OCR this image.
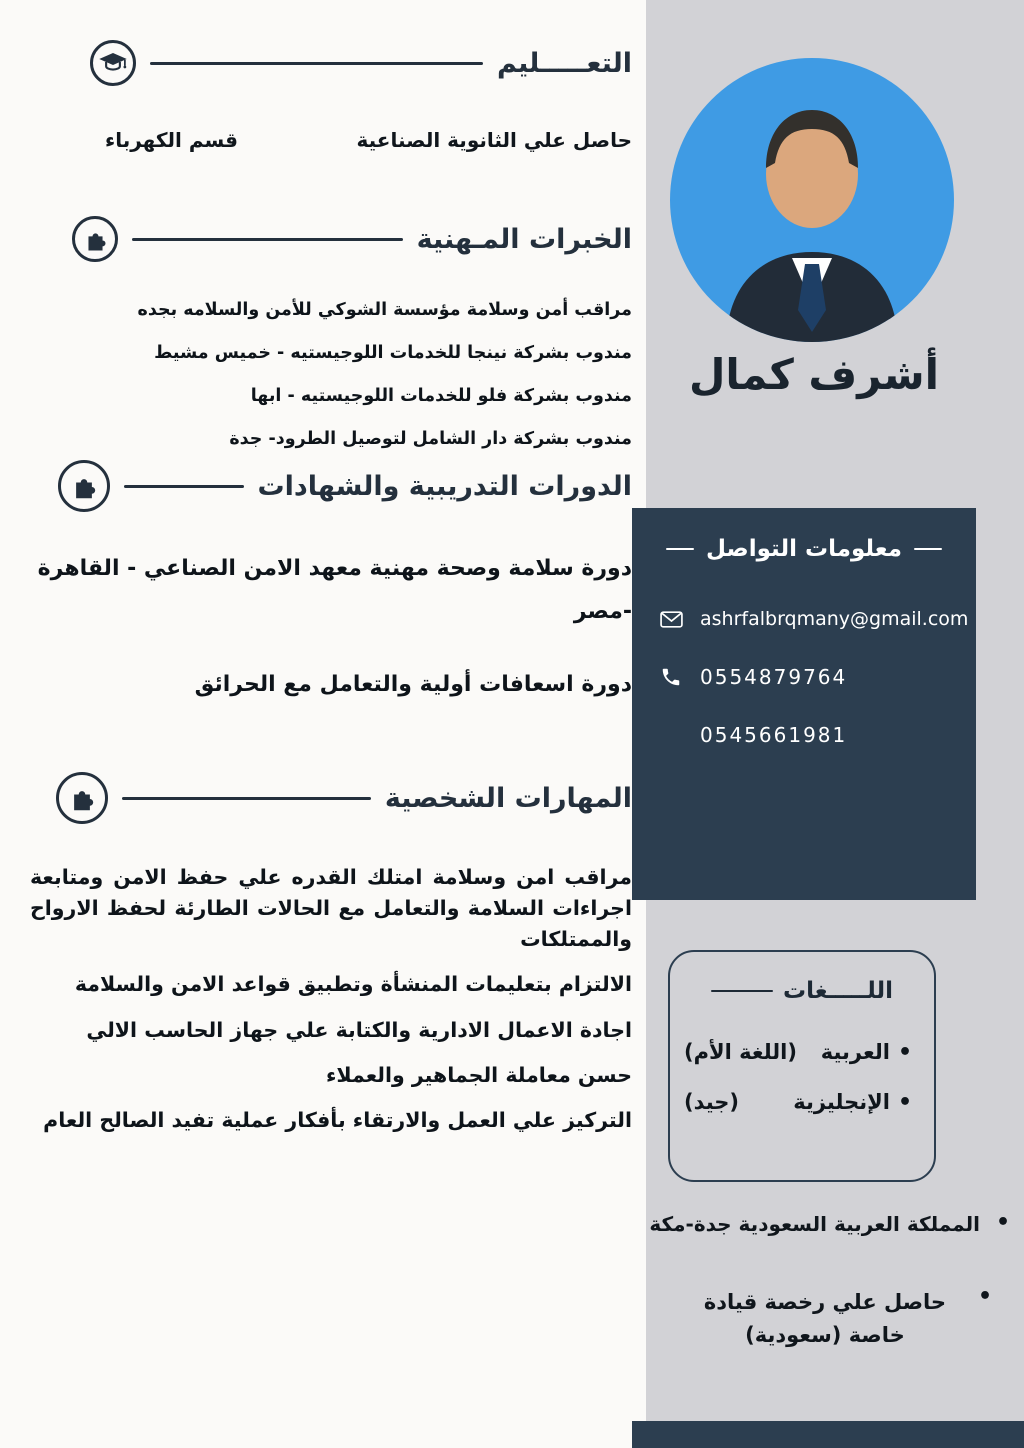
أشرف كمال
معلومات التواصل
ashrfalbrqmany@gmail.com
0554879764
0545661981
اللـــــغات
•
العربية
(اللغة الأم)
•
الإنجليزية
(جيد)
•
المملكة العربية السعودية جدة-مكة
•
حاصل علي رخصة قيادة خاصة (سعودية)
التعـــــليم
حاصل علي الثانوية الصناعية
قسم الكهرباء
الخبرات المـهنية
مراقب أمن وسلامة مؤسسة الشوكي للأمن والسلامه بجده
مندوب بشركة نينجا للخدمات اللوجيستيه - خميس مشيط
مندوب بشركة فلو للخدمات اللوجيستيه - ابها
مندوب بشركة دار الشامل لتوصيل الطرود- جدة
الدورات التدريبية والشهادات
دورة سلامة وصحة مهنية معهد الامن الصناعي - القاهرة -مصر
دورة اسعافات أولية والتعامل مع الحرائق
المهارات الشخصية

مراقب امن وسلامة امتلك القدره علي حفظ الامن ومتابعة اجراءات السلامة والتعامل مع الحالات الطارئة لحفظ الارواح والممتلكات

الالتزام بتعليمات المنشأة وتطبيق قواعد الامن والسلامة

اجادة الاعمال الادارية والكتابة علي جهاز الحاسب الالي

حسن معاملة الجماهير والعملاء

التركيز علي العمل والارتقاء بأفكار عملية تفيد الصالح العام
